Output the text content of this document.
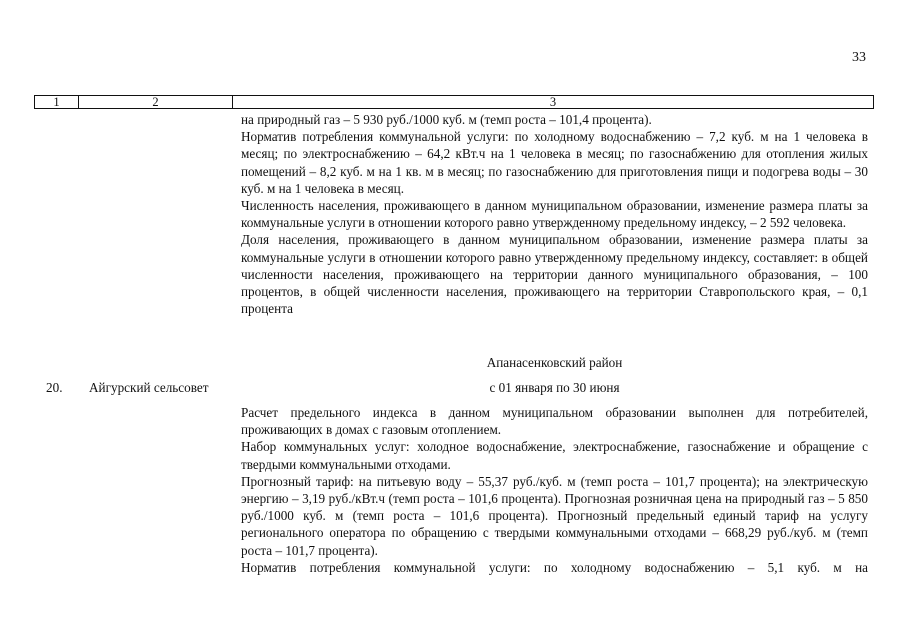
33
1	2	3

на природный газ – 5 930 руб./1000 куб. м (темп роста – 101,4 процента).

Норматив потребления коммунальной услуги: по холодному водоснабжению – 7,2 куб. м на 1 человека в месяц; по электроснабжению – 64,2 кВт.ч на 1 человека в месяц; по газоснабжению для отопления жилых помещений – 8,2 куб. м на 1 кв. м в месяц; по газоснабжению для приготовления пищи и подогрева воды – 30 куб. м на 1 человека в месяц.

Численность населения, проживающего в данном муниципальном образовании, изменение размера платы за коммунальные услуги в отношении которого равно утвержденному предельному индексу, – 2 592 человека.

Доля населения, проживающего в данном муниципальном образовании, изменение размера платы за коммунальные услуги в отношении которого равно утвержденному предельному индексу, составляет: в общей численности населения, проживающего на территории данного муниципального образования, – 100 процентов, в общей численности населения, проживающего на территории Ставропольского края, – 0,1 процента

Апанасенковский район
20. Айгурский сельсовет	с 01 января по 30 июня

Расчет предельного индекса в данном муниципальном образовании выполнен для потребителей, проживающих в домах с газовым отоплением.

Набор коммунальных услуг: холодное водоснабжение, электроснабжение, газоснабжение и обращение с твердыми коммунальными отходами.

Прогнозный тариф: на питьевую воду – 55,37 руб./куб. м (темп роста – 101,7 процента); на электрическую энергию – 3,19 руб./кВт.ч (темп роста – 101,6 процента). Прогнозная розничная цена на природный газ – 5 850 руб./1000 куб. м (темп роста – 101,6 процента). Прогнозный предельный единый тариф на услугу регионального оператора по обращению с твердыми коммунальными отходами – 668,29 руб./куб. м (темп роста – 101,7 процента).

Норматив потребления коммунальной услуги: по холодному водоснабжению – 5,1 куб. м на
